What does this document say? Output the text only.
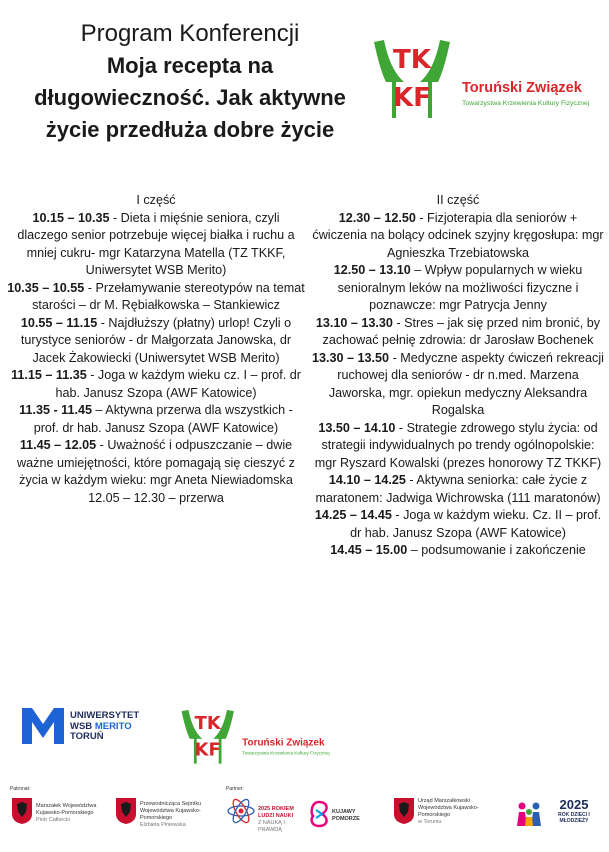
Program Konferencji
Moja recepta na
długowieczność. Jak aktywne
życie przedłuża dobre życie
TK
KF Toruński Związek
Towarzystwa Krzewienia Kultury Fizycznej

I część

10.15 – 10.35 - Dieta i mięśnie seniora, czyli dlaczego senior potrzebuje więcej białka i ruchu a mniej cukru- mgr Katarzyna Matella (TZ TKKF, Uniwersytet WSB Merito)

10.35 – 10.55 - Przełamywanie stereotypów na temat starości – dr M. Rębiałkowska – Stankiewicz

10.55 – 11.15 - Najdłuższy (płatny) urlop! Czyli o turystyce seniorów - dr Małgorzata Janowska, dr Jacek Żakowiecki (Uniwersytet WSB Merito)

11.15 – 11.35 - Joga w każdym wieku cz. I – prof. dr hab. Janusz Szopa (AWF Katowice)

11.35 - 11.45 – Aktywna przerwa dla wszystkich - prof. dr hab. Janusz Szopa (AWF Katowice)

11.45 – 12.05 - Uważność i odpuszczanie – dwie ważne umiejętności, które pomagają się cieszyć z życia w każdym wieku: mgr Aneta Niewiadomska

12.05 – 12.30 – przerwa

II część

12.30 – 12.50 - Fizjoterapia dla seniorów + ćwiczenia na bolący odcinek szyjny kręgosłupa: mgr Agnieszka Trzebiatowska

12.50 – 13.10 – Wpływ popularnych w wieku senioralnym leków na możliwości fizyczne i poznawcze: mgr Patrycja Jenny

13.10 – 13.30 - Stres – jak się przed nim bronić, by zachować pełnię zdrowia: dr Jarosław Bochenek

13.30 – 13.50 - Medyczne aspekty ćwiczeń rekreacji ruchowej dla seniorów - dr n.med. Marzena Jaworska, mgr. opiekun medyczny Aleksandra Rogalska

13.50 – 14.10 - Strategie zdrowego stylu życia: od strategii indywidualnych po trendy ogólnopolskie: mgr Ryszard Kowalski (prezes honorowy TZ TKKF)

14.10 – 14.25 - Aktywna seniorka: całe życie z maratonem: Jadwiga Wichrowska (111 maratonów)

14.25 – 14.45 - Joga w każdym wieku. Cz. II – prof. dr hab. Janusz Szopa (AWF Katowice)

14.45 – 15.00 – podsumowanie i zakończenie

UNIWERSYTET
WSB MERITO
TORUŃ
TK
KF Toruński Związek
Towarzystwa Krzewienia Kultury Fizycznej
Patronat:	Partner:
Marszałek Województwa Kujawsko-Pomorskiego
Piotr Całbecki
Przewodnicząca Sejmiku Województwa Kujawsko-Pomorskiego
Elżbieta Piniewska
2025 ROKIEM LUDZI NAUKI
Z NAUKĄ I PRAWDĄ
KUJAWY
POMORZE
Urząd Marszałkowski Województwa Kujawsko-Pomorskiego
w Toruniu
2025
ROK DZIECI I MŁODZIEŻY
